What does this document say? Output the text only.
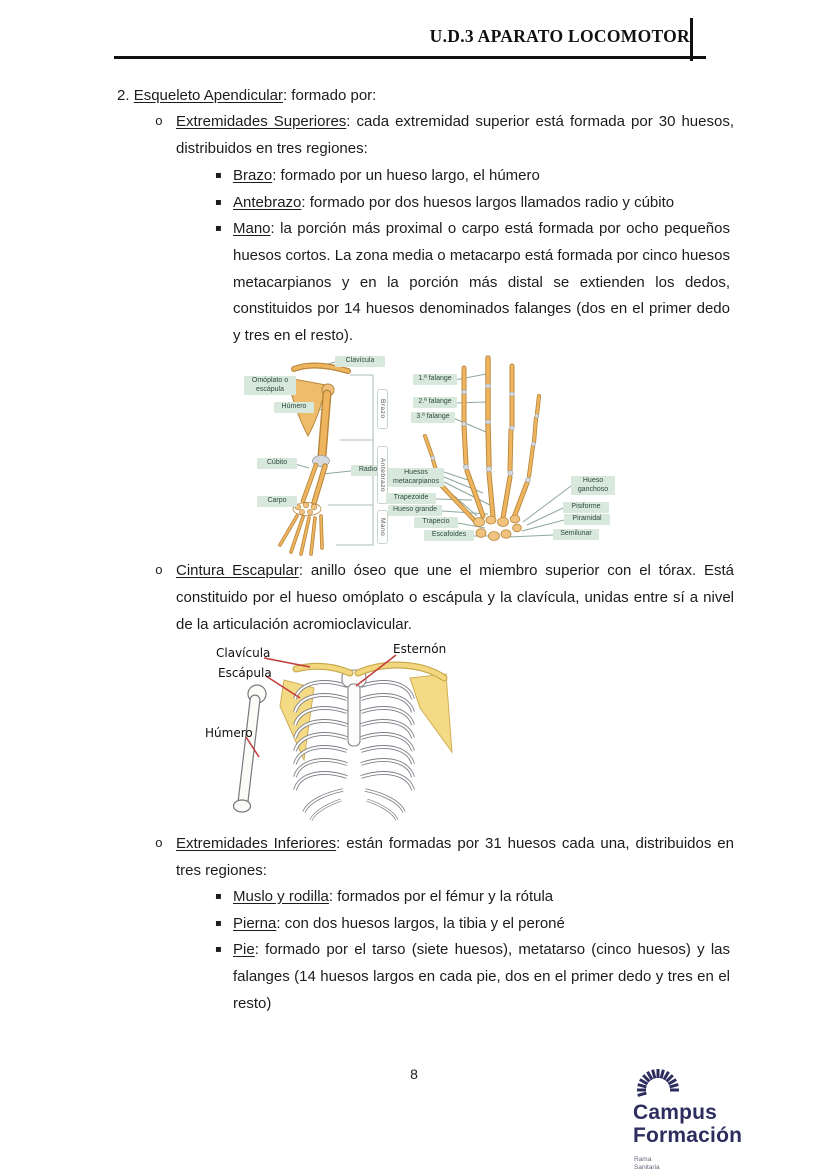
U.D.3 APARATO LOCOMOTOR
2. Esqueleto Apendicular: formado por:
o Extremidades Superiores: cada extremidad superior está formada por 30 huesos, distribuidos en tres regiones:
▪ Brazo: formado por un hueso largo, el húmero
▪ Antebrazo: formado por dos huesos largos llamados radio y cúbito
▪ Mano: la porción más proximal o carpo está formada por ocho pequeños huesos cortos. La zona media o metacarpo está formada por cinco huesos metacarpianos y en la porción más distal se extienden los dedos, constituidos por 14 huesos denominados falanges (dos en el primer dedo y tres en el resto).
Clavícula
Omóplato o escápula
Húmero
Cúbito
Radio
Carpo
Brazo
Antebrazo
Mano
1.ª falange
2.ª falange
3.ª falange
Huesos metacarpianos
Trapezoide
Hueso grande
Trapecio
Escafoides
Hueso ganchoso
Pisiforme
Piramidal
Semilunar
o Cintura Escapular: anillo óseo que une el miembro superior con el tórax. Está constituido por el hueso omóplato o escápula y la clavícula, unidas entre sí a nivel de la articulación acromioclavicular.
Clavícula
Escápula
Esternón
Húmero
o Extremidades Inferiores: están formadas por 31 huesos cada una, distribuidos en tres regiones:
▪ Muslo y rodilla: formados por el fémur y la rótula
▪ Pierna: con dos huesos largos, la tibia y el peroné
▪ Pie: formado por el tarso (siete huesos), metatarso (cinco huesos) y las falanges (14 huesos largos en cada pie, dos en el primer dedo y tres en el resto)
8
Campus
Formación
Rama
Sanitaria
